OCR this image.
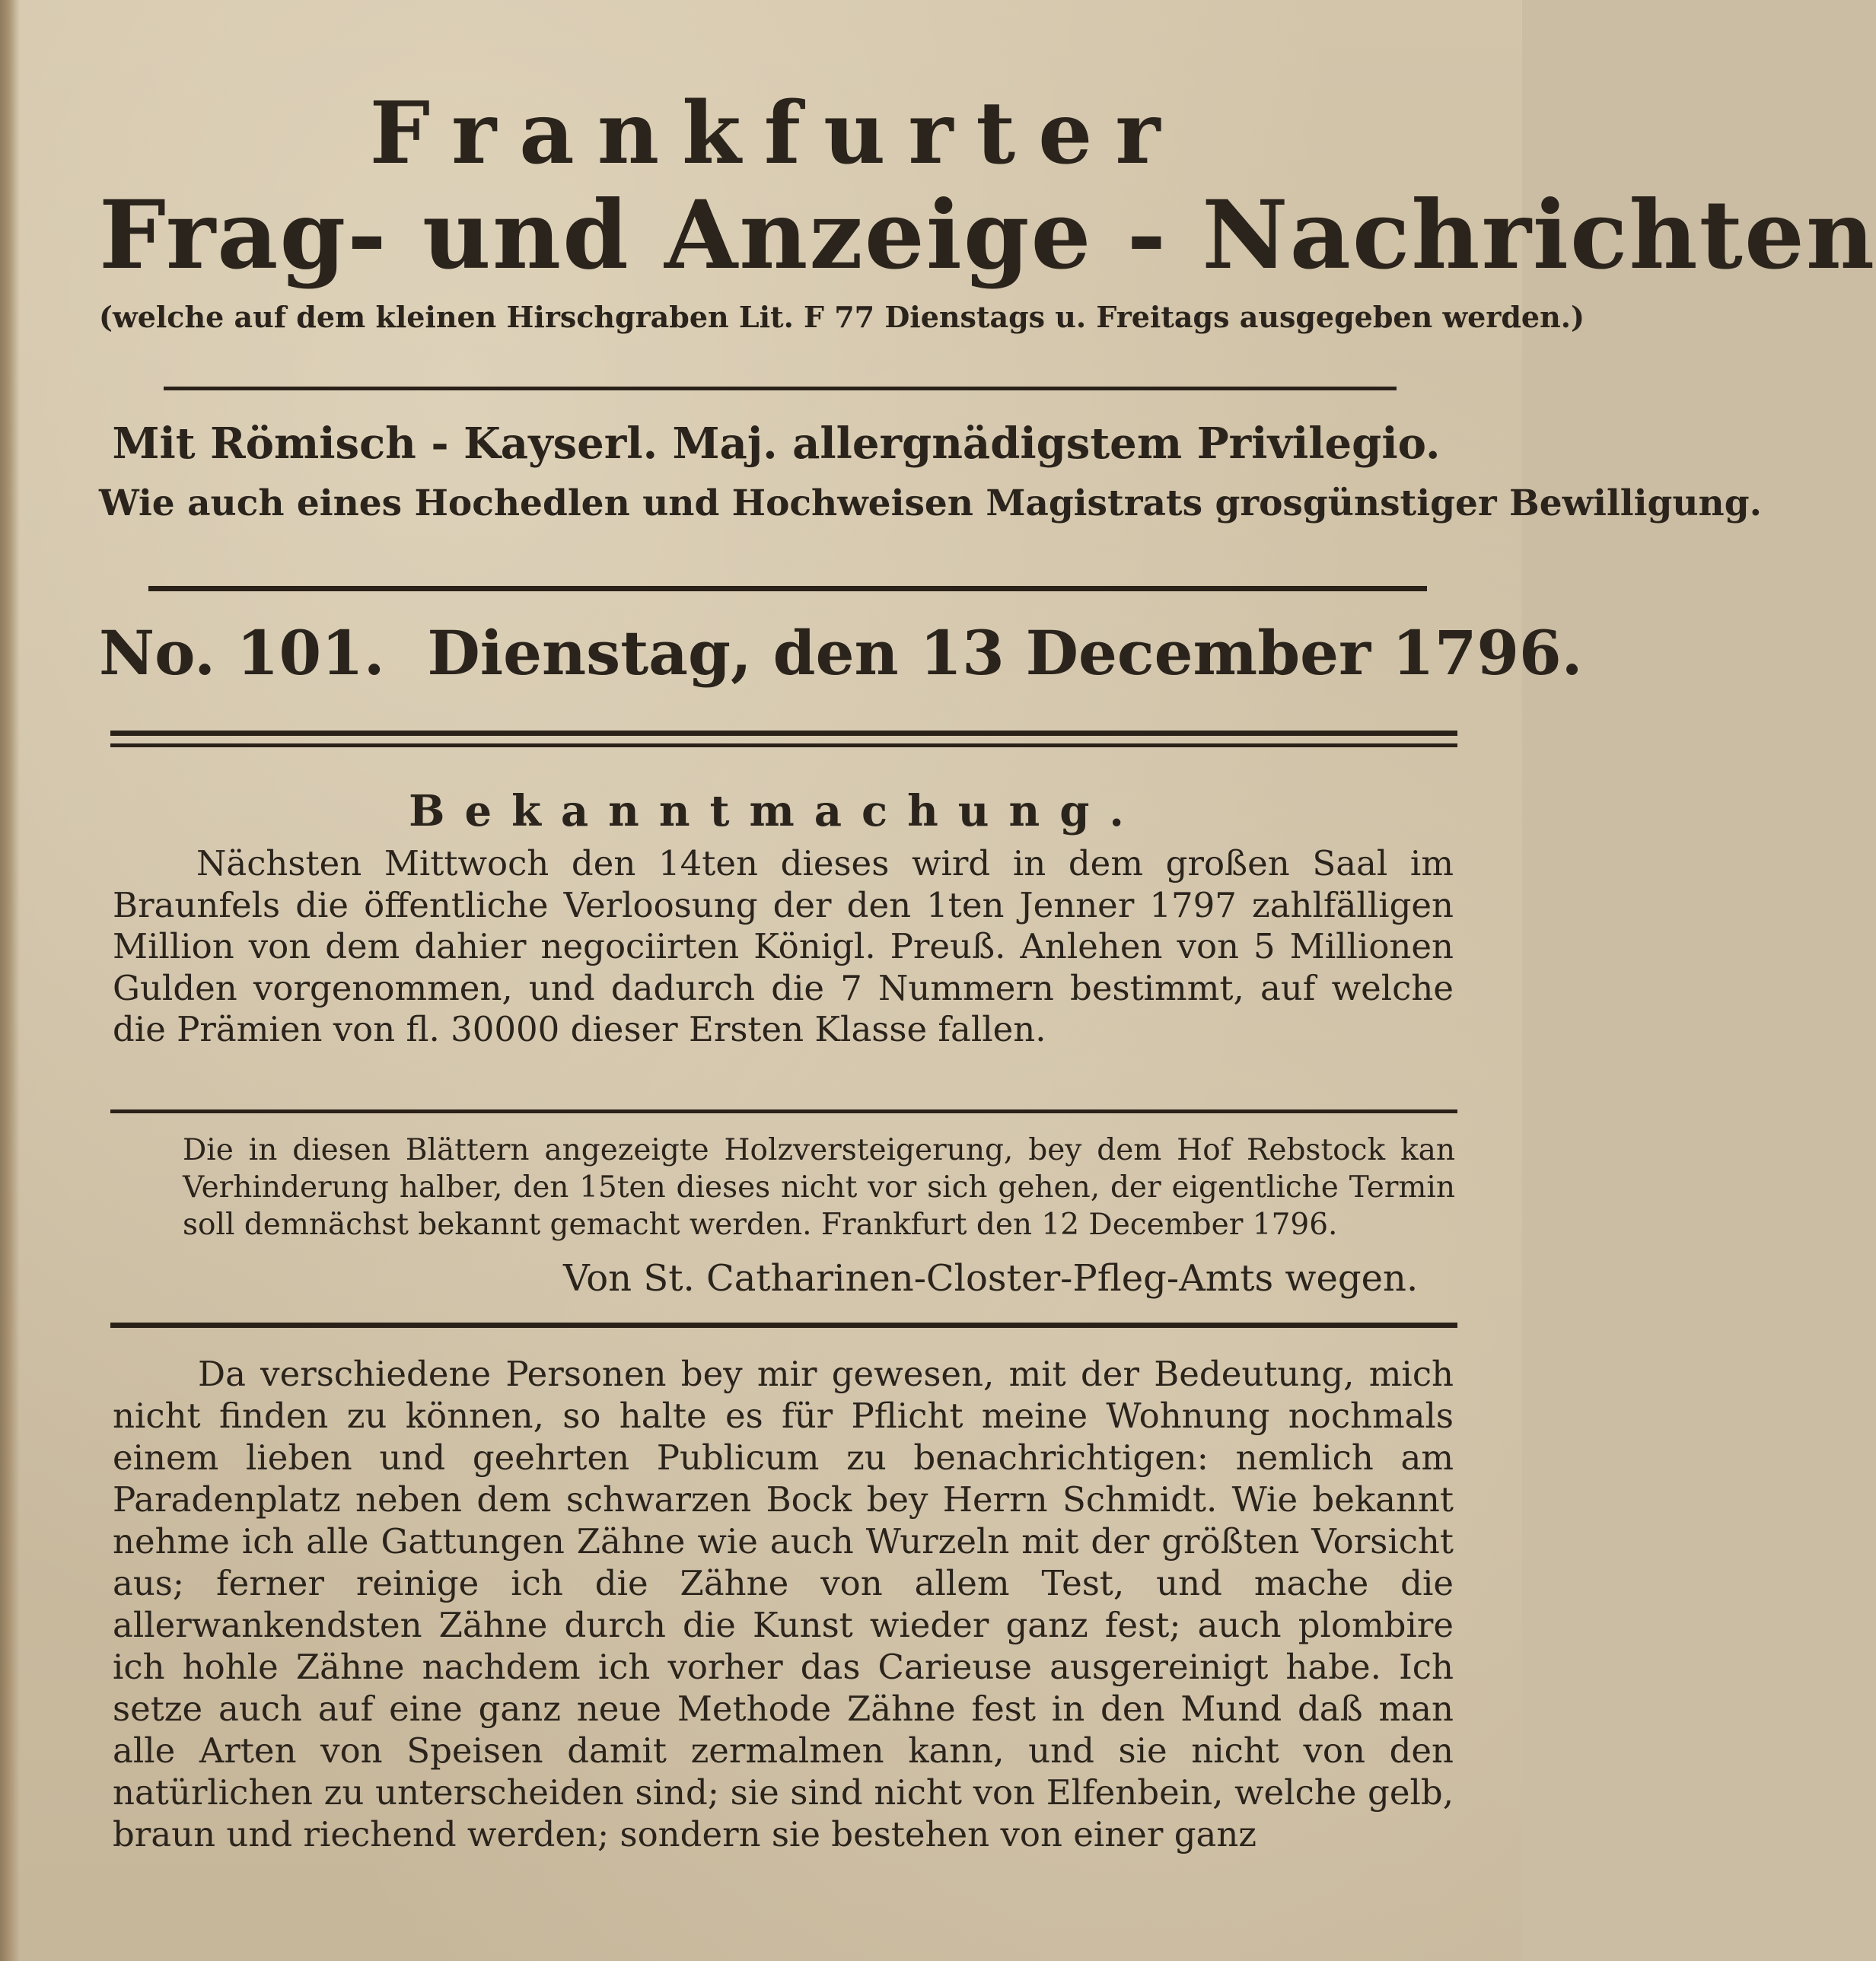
Frankfurter
Frag- und Anzeige - Nachrichten
(welche auf dem kleinen Hirschgraben Lit. F 77 Dienstags u. Freitags ausgegeben werden.)
Mit Römisch - Kayserl. Maj. allergnädigstem Privilegio.
Wie auch eines Hochedlen und Hochweisen Magistrats grosgünstiger Bewilligung.
No. 101. Dienstag, den 13 December 1796.
Bekanntmachung.
Nächsten Mittwoch den 14ten dieses wird in dem großen Saal im Braunfels die öffentliche Verloosung der den 1ten Jenner 1797 zahlfälligen Million von dem dahier negociirten Königl. Preuß. Anlehen von 5 Millionen Gulden vorgenommen, und dadurch die 7 Nummern bestimmt, auf welche die Prämien von fl. 30000 dieser Ersten Klasse fallen.
Die in diesen Blättern angezeigte Holzversteigerung, bey dem Hof Rebstock kan Verhinderung halber, den 15ten dieses nicht vor sich gehen, der eigentliche Termin soll demnächst bekannt gemacht werden. Frankfurt den 12 December 1796.
Von St. Catharinen-Closter-Pfleg-Amts wegen.
Da verschiedene Personen bey mir gewesen, mit der Bedeutung, mich nicht finden zu können, so halte es für Pflicht meine Wohnung nochmals einem lieben und geehrten Publicum zu benachrichtigen: nemlich am Paradenplatz neben dem schwarzen Bock bey Herrn Schmidt. Wie bekannt nehme ich alle Gattungen Zähne wie auch Wurzeln mit der größten Vorsicht aus; ferner reinige ich die Zähne von allem Test, und mache die allerwankendsten Zähne durch die Kunst wieder ganz fest; auch plombire ich hohle Zähne nachdem ich vorher das Carieuse ausgereinigt habe. Ich setze auch auf eine ganz neue Methode Zähne fest in den Mund daß man alle Arten von Speisen damit zermalmen kann, und sie nicht von den natürlichen zu unterscheiden sind; sie sind nicht von Elfenbein, welche gelb, braun und riechend werden; sondern sie bestehen von einer ganz
